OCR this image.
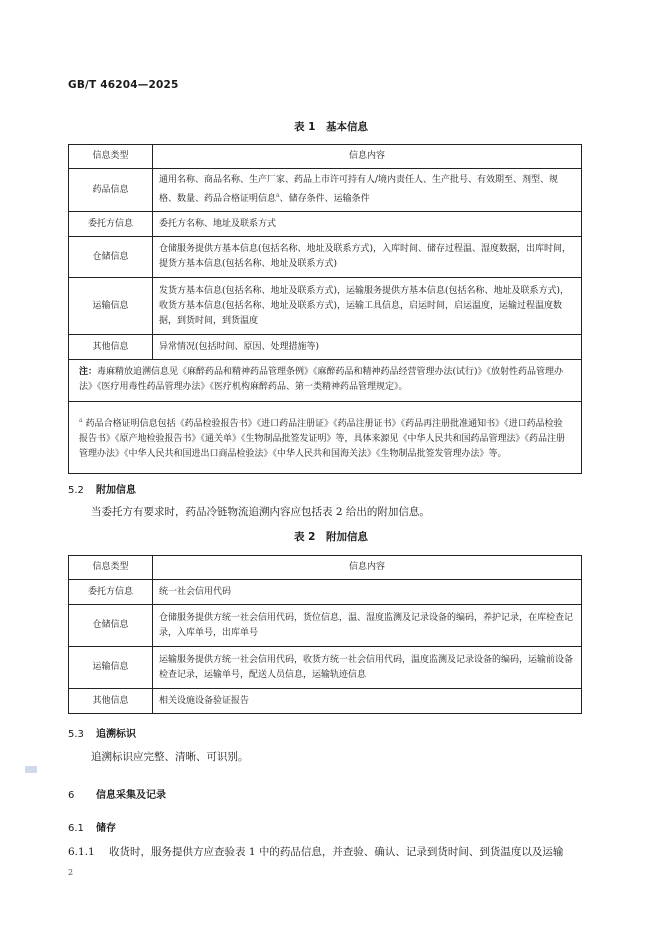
GB/T 46204—2025
表 1　基本信息
信息类型	信息内容
药品信息	通用名称、商品名称、生产厂家、药品上市许可持有人/境内责任人、生产批号、有效期至、剂型、规格、数量、药品合格证明信息$^a$、储存条件、运输条件
委托方信息	委托方名称、地址及联系方式
仓储信息	仓储服务提供方基本信息(包括名称、地址及联系方式)，入库时间、储存过程温、湿度数据，出库时间，提货方基本信息(包括名称、地址及联系方式)
运输信息	发货方基本信息(包括名称、地址及联系方式)，运输服务提供方基本信息(包括名称、地址及联系方式)，收货方基本信息(包括名称、地址及联系方式)，运输工具信息，启运时间，启运温度，运输过程温度数据，到货时间，到货温度
其他信息	异常情况(包括时间、原因、处理措施等)
注：毒麻精放追溯信息见《麻醉药品和精神药品管理条例》《麻醉药品和精神药品经营管理办法(试行)》《放射性药品管理办法》《医疗用毒性药品管理办法》《医疗机构麻醉药品、第一类精神药品管理规定》。	
$^a$ 药品合格证明信息包括《药品检验报告书》《进口药品注册证》《药品注册证书》《药品再注册批准通知书》《进口药品检验报告书》《原产地检验报告书》《通关单》《生物制品批签发证明》等，具体来源见《中华人民共和国药品管理法》《药品注册管理办法》《中华人民共和国进出口商品检验法》《中华人民共和国海关法》《生物制品批签发管理办法》等。	
5.2 附加信息
当委托方有要求时，药品冷链物流追溯内容应包括表 2 给出的附加信息。
表 2　附加信息
信息类型	信息内容
委托方信息	统一社会信用代码
仓储信息	仓储服务提供方统一社会信用代码，货位信息，温、湿度监测及记录设备的编码，养护记录，在库检查记录，入库单号，出库单号
运输信息	运输服务提供方统一社会信用代码，收货方统一社会信用代码，温度监测及记录设备的编码，运输前设备检查记录，运输单号，配送人员信息，运输轨迹信息
其他信息	相关设施设备验证报告
5.3 追溯标识
追溯标识应完整、清晰、可识别。
6 信息采集及记录
6.1 储存
6.1.1 收货时，服务提供方应查验表 1 中的药品信息，并查验、确认、记录到货时间、到货温度以及运输
2
